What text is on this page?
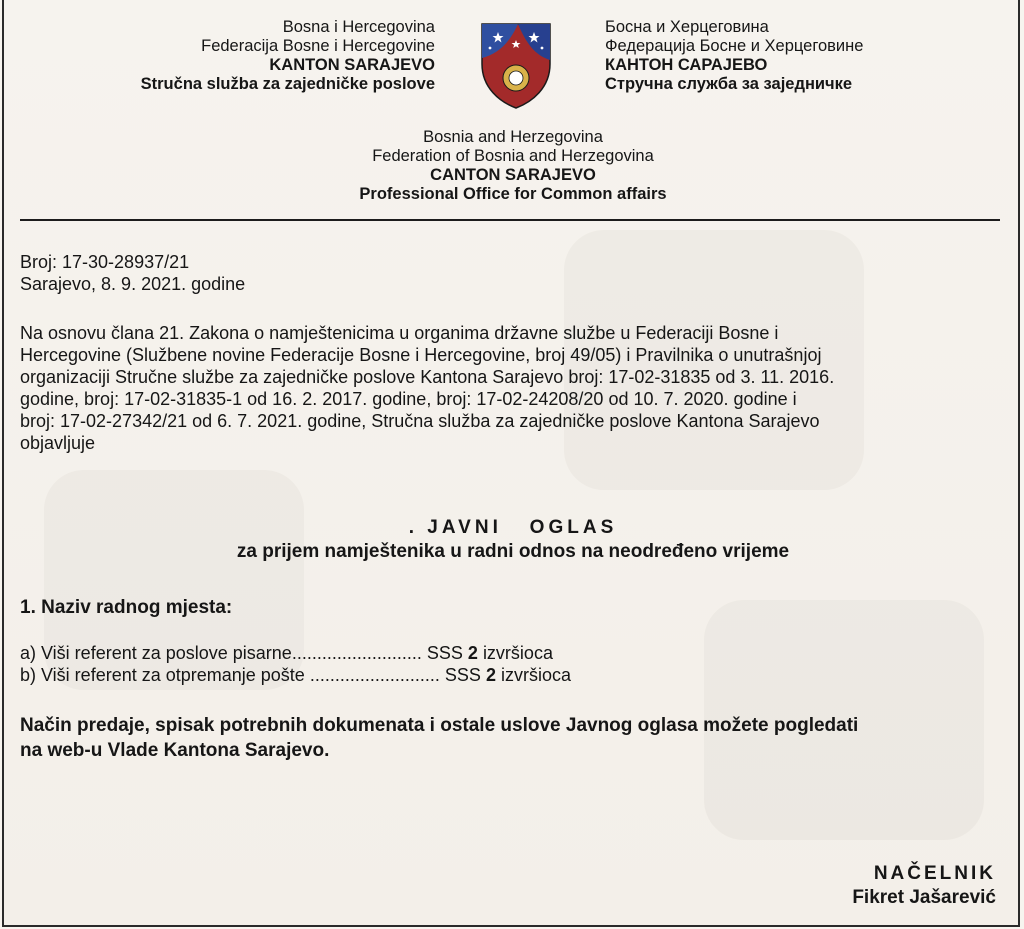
Bosna i Hercegovina
Federacija Bosne i Hercegovine
KANTON SARAJEVO
Stručna služba za zajedničke poslove
Босна и Херцеговина
Федерација Босне и Херцеговине
КАНТОН САРАЈЕВО
Стручна служба за заједничке
Bosnia and Herzegovina
Federation of Bosnia and Herzegovina
CANTON SARAJEVO
Professional Office for Common affairs
Broj: 17-30-28937/21
Sarajevo, 8. 9. 2021. godine
Na osnovu člana 21. Zakona o namještenicima u organima državne službe u Federaciji Bosne i
Hercegovine (Službene novine Federacije Bosne i Hercegovine, broj 49/05) i Pravilnika o unutrašnjoj
organizaciji Stručne službe za zajedničke poslove Kantona Sarajevo broj: 17-02-31835 od 3. 11. 2016.
godine, broj: 17-02-31835-1 od 16. 2. 2017. godine, broj: 17-02-24208/20 od 10. 7. 2020. godine i
broj: 17-02-27342/21 od 6. 7. 2021. godine, Stručna služba za zajedničke poslove Kantona Sarajevo
objavljuje
. JAVNI   OGLAS
za prijem namještenika u radni odnos na neodređeno vrijeme
1. Naziv radnog mjesta:
a) Viši referent za poslove pisarne.......................... SSS 2 izvršioca
b) Viši referent za otpremanje pošte .......................... SSS 2 izvršioca
Način predaje, spisak potrebnih dokumenata i ostale uslove Javnog oglasa možete pogledati
na web-u Vlade Kantona Sarajevo.
NAČELNIK
Fikret Jašarević
